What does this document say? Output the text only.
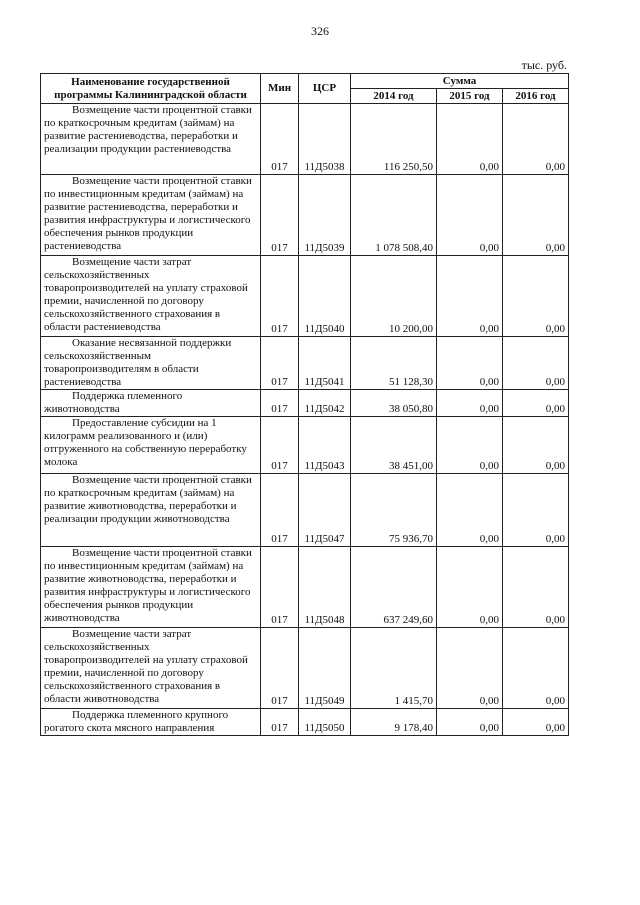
326
тыс. руб.
Наименование государственной программы Калининградской области	Мин	ЦСР	Сумма		
			2014 год	2015 год	2016 год
Возмещение части процентной ставки по краткосрочным кредитам (займам) на развитие растениеводства, переработки и реализации продукции растениеводства	017	11Д5038	116 250,50	0,00	0,00
Возмещение части процентной ставки по инвестиционным кредитам (займам) на развитие растениеводства, переработки и развития инфраструктуры и логистического обеспечения рынков продукции растениеводства	017	11Д5039	1 078 508,40	0,00	0,00
Возмещение части затрат сельскохозяйственных товаропроизводителей на уплату страховой премии, начисленной по договору сельскохозяйственного страхования в области растениеводства	017	11Д5040	10 200,00	0,00	0,00
Оказание несвязанной поддержки сельскохозяйственным товаропроизводителям в области растениеводства	017	11Д5041	51 128,30	0,00	0,00
Поддержка племенного животноводства	017	11Д5042	38 050,80	0,00	0,00
Предоставление субсидии на 1 килограмм реализованного и (или) отгруженного на собственную переработку молока	017	11Д5043	38 451,00	0,00	0,00
Возмещение части процентной ставки по краткосрочным кредитам (займам) на развитие животноводства, переработки и реализации продукции животноводства	017	11Д5047	75 936,70	0,00	0,00
Возмещение части процентной ставки по инвестиционным кредитам (займам) на развитие животноводства, переработки и развития инфраструктуры и логистического обеспечения рынков продукции животноводства	017	11Д5048	637 249,60	0,00	0,00
Возмещение части затрат сельскохозяйственных товаропроизводителей на уплату страховой премии, начисленной по договору сельскохозяйственного страхования в области животноводства	017	11Д5049	1 415,70	0,00	0,00
Поддержка племенного крупного рогатого скота мясного направления	017	11Д5050	9 178,40	0,00	0,00
